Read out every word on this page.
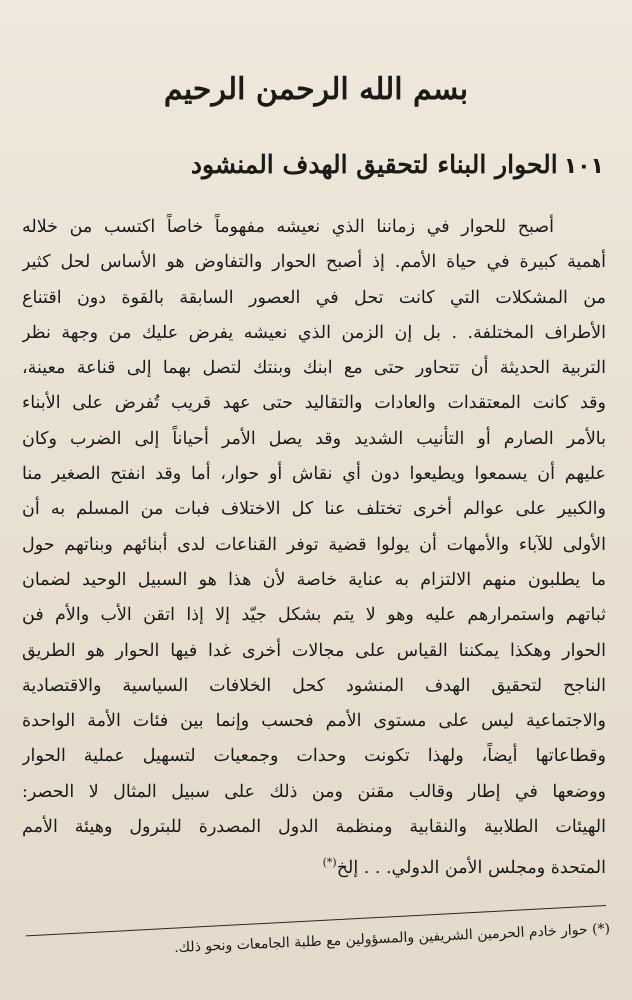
بسم الله الرحمن الرحيم
١٠١
الحوار البناء لتحقيق الهدف المنشود
أصبح للحوار في زماننا الذي نعيشه مفهوماً خاصاً اكتسب من خلاله
أهمية كبيرة في حياة الأمم. إذ أصبح الحوار والتفاوض هو الأساس لحل كثير
من المشكلات التي كانت تحل في العصور السابقة بالقوة دون اقتناع
الأطراف المختلفة. . بل إن الزمن الذي نعيشه يفرض عليك من وجهة نظر
التربية الحديثة أن تتحاور حتى مع ابنك وبنتك لتصل بهما إلى قناعة معينة،
وقد كانت المعتقدات والعادات والتقاليد حتى عهد قريب تُفرض على الأبناء
بالأمر الصارم أو التأنيب الشديد وقد يصل الأمر أحياناً إلى الضرب وكان
عليهم أن يسمعوا ويطيعوا دون أي نقاش أو حوار، أما وقد انفتح الصغير منا
والكبير على عوالم أخرى تختلف عنا كل الاختلاف فبات من المسلم به أن
الأولى للآباء والأمهات أن يولوا قضية توفر القناعات لدى أبنائهم وبناتهم حول
ما يطلبون منهم الالتزام به عناية خاصة لأن هذا هو السبيل الوحيد لضمان
ثباتهم واستمرارهم عليه وهو لا يتم بشكل جيّد إلا إذا اتقن الأب والأم فن
الحوار وهكذا يمكننا القياس على مجالات أخرى غدا فيها الحوار هو الطريق
الناجح لتحقيق الهدف المنشود كحل الخلافات السياسية والاقتصادية
والاجتماعية ليس على مستوى الأمم فحسب وإنما بين فئات الأمة الواحدة
وقطاعاتها أيضاً، ولهذا تكونت وحدات وجمعيات لتسهيل عملية الحوار
ووضعها في إطار وقالب مقنن ومن ذلك على سبيل المثال لا الحصر:
الهيئات الطلابية والنقابية ومنظمة الدول المصدرة للبترول وهيئة الأمم
المتحدة ومجلس الأمن الدولي. . . إلخ(*)
(*) حوار خادم الحرمين الشريفين والمسؤولين مع طلبة الجامعات ونحو ذلك.
